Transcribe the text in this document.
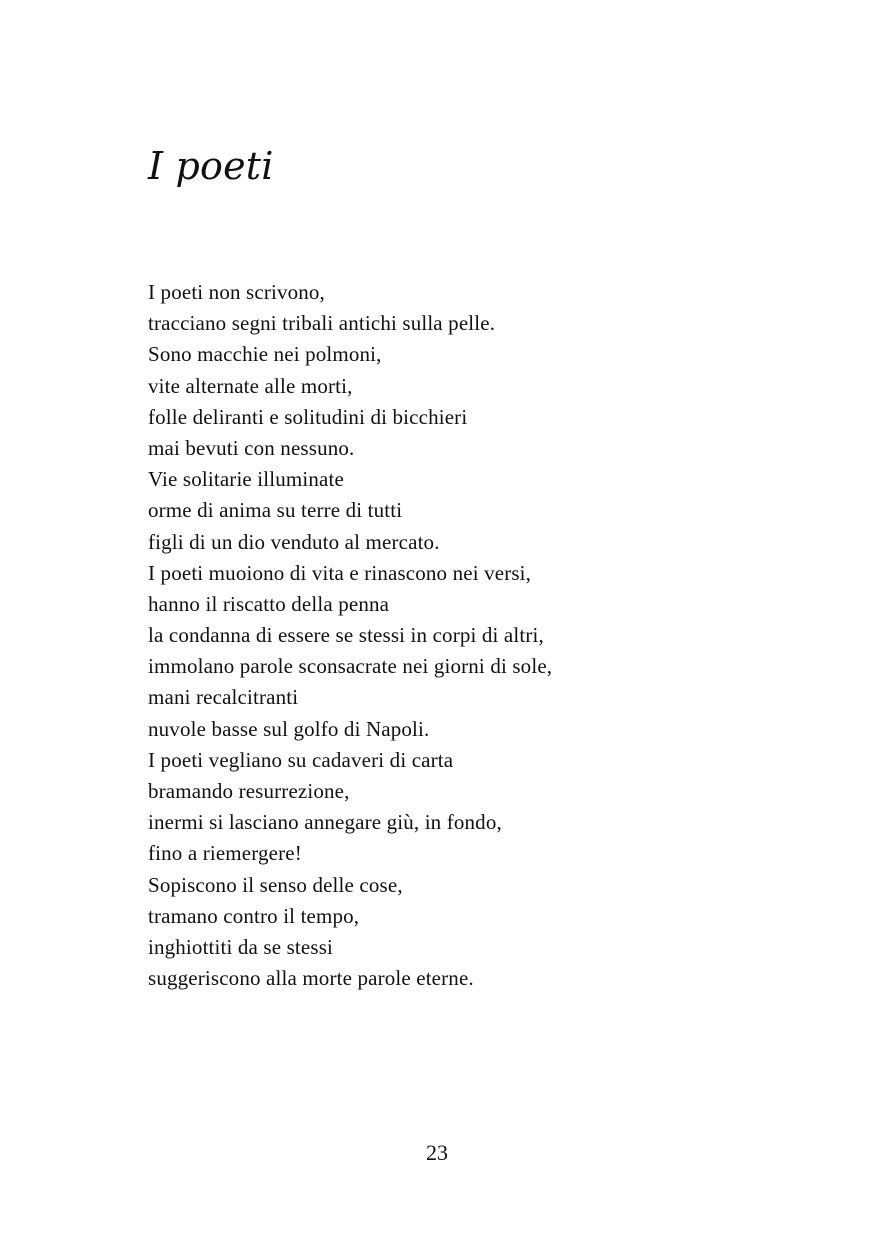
I poeti
I poeti non scrivono,
tracciano segni tribali antichi sulla pelle.
Sono macchie nei polmoni,
vite alternate alle morti,
folle deliranti e solitudini di bicchieri
mai bevuti con nessuno.
Vie solitarie illuminate
orme di anima su terre di tutti
figli di un dio venduto al mercato.
I poeti muoiono di vita e rinascono nei versi,
hanno il riscatto della penna
la condanna di essere se stessi in corpi di altri,
immolano parole sconsacrate nei giorni di sole,
mani recalcitranti
nuvole basse sul golfo di Napoli.
I poeti vegliano su cadaveri di carta
bramando resurrezione,
inermi si lasciano annegare giù, in fondo,
fino a riemergere!
Sopiscono il senso delle cose,
tramano contro il tempo,
inghiottiti da se stessi
suggeriscono alla morte parole eterne.
23
